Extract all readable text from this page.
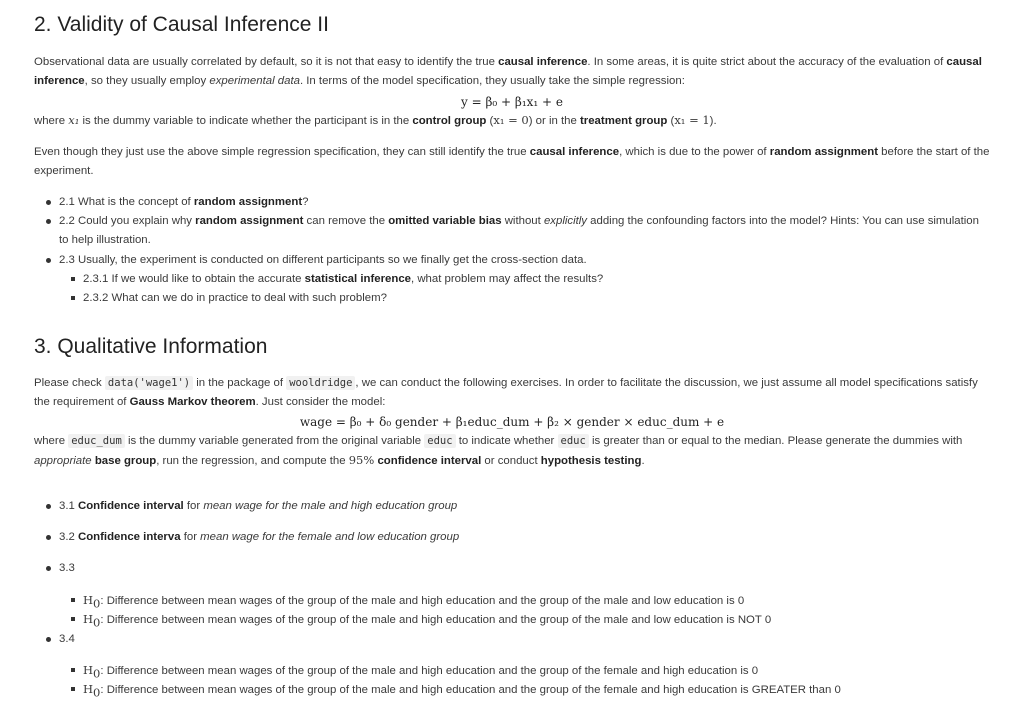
2. Validity of Causal Inference II

Observational data are usually correlated by default, so it is not that easy to identify the true causal inference. In some areas, it is quite strict about the accuracy of the evaluation of causal inference, so they usually employ experimental data. In terms of the model specification, they usually take the simple regression:

y = β₀ + β₁x₁ + e

where x₁ is the dummy variable to indicate whether the participant is in the control group (x₁ = 0) or in the treatment group (x₁ = 1).

Even though they just use the above simple regression specification, they can still identify the true causal inference, which is due to the power of random assignment before the start of the experiment.

2.1 What is the concept of random assignment?
2.2 Could you explain why random assignment can remove the omitted variable bias without explicitly adding the confounding factors into the model? Hints: You can use simulation to help illustration.
2.3 Usually, the experiment is conducted on different participants so we finally get the cross-section data.
2.3.1 If we would like to obtain the accurate statistical inference, what problem may affect the results?
2.3.2 What can we do in practice to deal with such problem?
3. Qualitative Information

Please check data('wage1') in the package of wooldridge , we can conduct the following exercises. In order to facilitate the discussion, we just assume all model specifications satisfy the requirement of Gauss Markov theorem. Just consider the model:

wage = β₀ + δ₀ gender + β₁educ_dum + β₂ × gender × educ_dum + e

where educ_dum is the dummy variable generated from the original variable educ to indicate whether educ is greater than or equal to the median. Please generate the dummies with appropriate base group, run the regression, and compute the 95% confidence interval or conduct hypothesis testing.

3.1 Confidence interval for mean wage for the male and high education group
3.2 Confidence interva for mean wage for the female and low education group
3.3
$H_0$: Difference between mean wages of the group of the male and high education and the group of the male and low education is 0
$H_0$: Difference between mean wages of the group of the male and high education and the group of the male and low education is NOT 0
3.4
$H_0$: Difference between mean wages of the group of the male and high education and the group of the female and high education is 0
$H_0$: Difference between mean wages of the group of the male and high education and the group of the female and high education is GREATER than 0
